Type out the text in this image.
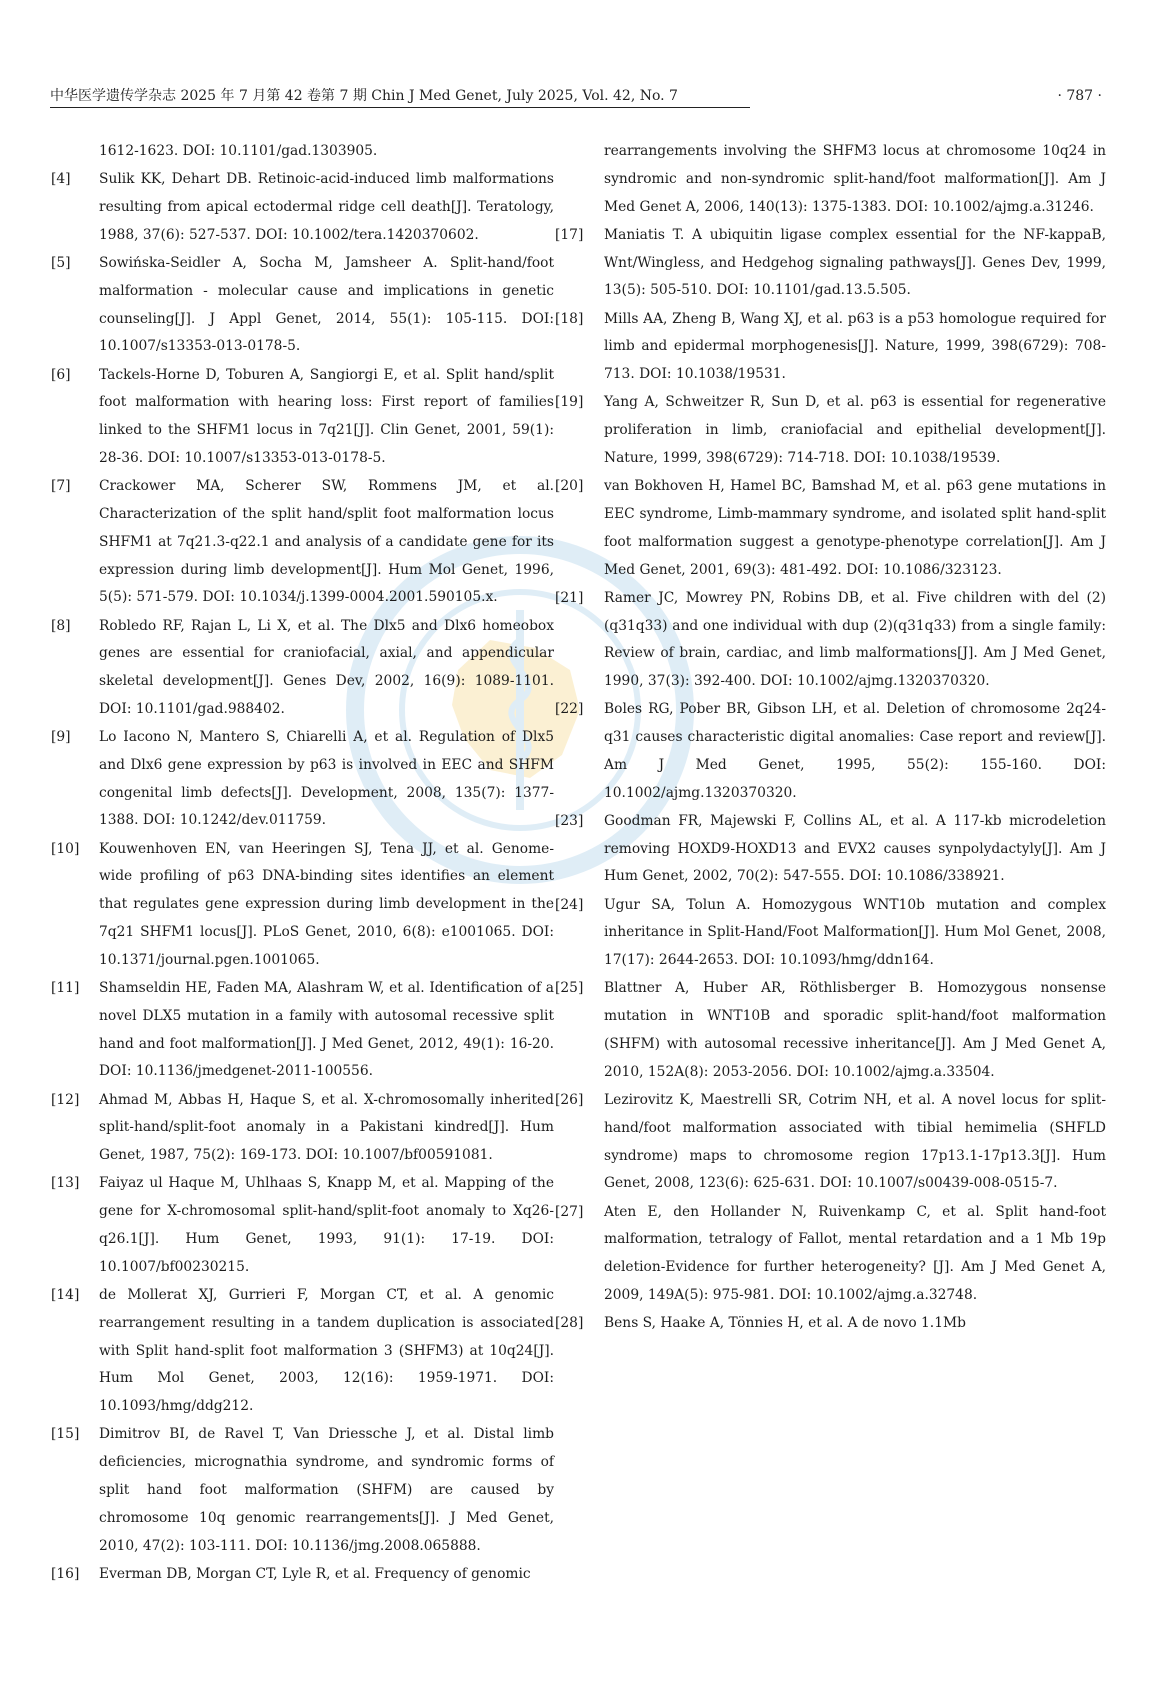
中华医学遗传学杂志 2025 年 7 月第 42 卷第 7 期 Chin J Med Genet, July 2025, Vol. 42, No. 7	· 787 ·
1612-1623. DOI: 10.1101/gad.1303905.
[4]	Sulik KK, Dehart DB. Retinoic-acid-induced limb malformations resulting from apical ectodermal ridge cell death[J]. Teratology, 1988, 37(6): 527-537. DOI: 10.1002/tera.1420370602.
[5]	Sowińska-Seidler A, Socha M, Jamsheer A. Split-hand/foot malformation - molecular cause and implications in genetic counseling[J]. J Appl Genet, 2014, 55(1): 105-115. DOI: 10.1007/s13353-013-0178-5.
[6]	Tackels-Horne D, Toburen A, Sangiorgi E, et al. Split hand/split foot malformation with hearing loss: First report of families linked to the SHFM1 locus in 7q21[J]. Clin Genet, 2001, 59(1): 28-36. DOI: 10.1007/s13353-013-0178-5.
[7]	Crackower MA, Scherer SW, Rommens JM, et al. Characterization of the split hand/split foot malformation locus SHFM1 at 7q21.3-q22.1 and analysis of a candidate gene for its expression during limb development[J]. Hum Mol Genet, 1996, 5(5): 571-579. DOI: 10.1034/j.1399-0004.2001.590105.x.
[8]	Robledo RF, Rajan L, Li X, et al. The Dlx5 and Dlx6 homeobox genes are essential for craniofacial, axial, and appendicular skeletal development[J]. Genes Dev, 2002, 16(9): 1089-1101. DOI: 10.1101/gad.988402.
[9]	Lo Iacono N, Mantero S, Chiarelli A, et al. Regulation of Dlx5 and Dlx6 gene expression by p63 is involved in EEC and SHFM congenital limb defects[J]. Development, 2008, 135(7): 1377-1388. DOI: 10.1242/dev.011759.
[10]	Kouwenhoven EN, van Heeringen SJ, Tena JJ, et al. Genome-wide profiling of p63 DNA-binding sites identifies an element that regulates gene expression during limb development in the 7q21 SHFM1 locus[J]. PLoS Genet, 2010, 6(8): e1001065. DOI: 10.1371/journal.pgen.1001065.
[11]	Shamseldin HE, Faden MA, Alashram W, et al. Identification of a novel DLX5 mutation in a family with autosomal recessive split hand and foot malformation[J]. J Med Genet, 2012, 49(1): 16-20. DOI: 10.1136/jmedgenet-2011-100556.
[12]	Ahmad M, Abbas H, Haque S, et al. X-chromosomally inherited split-hand/split-foot anomaly in a Pakistani kindred[J]. Hum Genet, 1987, 75(2): 169-173. DOI: 10.1007/bf00591081.
[13]	Faiyaz ul Haque M, Uhlhaas S, Knapp M, et al. Mapping of the gene for X-chromosomal split-hand/split-foot anomaly to Xq26-q26.1[J]. Hum Genet, 1993, 91(1): 17-19. DOI: 10.1007/bf00230215.
[14]	de Mollerat XJ, Gurrieri F, Morgan CT, et al. A genomic rearrangement resulting in a tandem duplication is associated with Split hand-split foot malformation 3 (SHFM3) at 10q24[J]. Hum Mol Genet, 2003, 12(16): 1959-1971. DOI: 10.1093/hmg/ddg212.
[15]	Dimitrov BI, de Ravel T, Van Driessche J, et al. Distal limb deficiencies, micrognathia syndrome, and syndromic forms of split hand foot malformation (SHFM) are caused by chromosome 10q genomic rearrangements[J]. J Med Genet, 2010, 47(2): 103-111. DOI: 10.1136/jmg.2008.065888.
[16]	Everman DB, Morgan CT, Lyle R, et al. Frequency of genomic
rearrangements involving the SHFM3 locus at chromosome 10q24 in syndromic and non-syndromic split-hand/foot malformation[J]. Am J Med Genet A, 2006, 140(13): 1375-1383. DOI: 10.1002/ajmg.a.31246.
[17]	Maniatis T. A ubiquitin ligase complex essential for the NF-kappaB, Wnt/Wingless, and Hedgehog signaling pathways[J]. Genes Dev, 1999, 13(5): 505-510. DOI: 10.1101/gad.13.5.505.
[18]	Mills AA, Zheng B, Wang XJ, et al. p63 is a p53 homologue required for limb and epidermal morphogenesis[J]. Nature, 1999, 398(6729): 708-713. DOI: 10.1038/19531.
[19]	Yang A, Schweitzer R, Sun D, et al. p63 is essential for regenerative proliferation in limb, craniofacial and epithelial development[J]. Nature, 1999, 398(6729): 714-718. DOI: 10.1038/19539.
[20]	van Bokhoven H, Hamel BC, Bamshad M, et al. p63 gene mutations in EEC syndrome, Limb-mammary syndrome, and isolated split hand-split foot malformation suggest a genotype-phenotype correlation[J]. Am J Med Genet, 2001, 69(3): 481-492. DOI: 10.1086/323123.
[21]	Ramer JC, Mowrey PN, Robins DB, et al. Five children with del (2)(q31q33) and one individual with dup (2)(q31q33) from a single family: Review of brain, cardiac, and limb malformations[J]. Am J Med Genet, 1990, 37(3): 392-400. DOI: 10.1002/ajmg.1320370320.
[22]	Boles RG, Pober BR, Gibson LH, et al. Deletion of chromosome 2q24-q31 causes characteristic digital anomalies: Case report and review[J]. Am J Med Genet, 1995, 55(2): 155-160. DOI: 10.1002/ajmg.1320370320.
[23]	Goodman FR, Majewski F, Collins AL, et al. A 117-kb microdeletion removing HOXD9-HOXD13 and EVX2 causes synpolydactyly[J]. Am J Hum Genet, 2002, 70(2): 547-555. DOI: 10.1086/338921.
[24]	Ugur SA, Tolun A. Homozygous WNT10b mutation and complex inheritance in Split-Hand/Foot Malformation[J]. Hum Mol Genet, 2008, 17(17): 2644-2653. DOI: 10.1093/hmg/ddn164.
[25]	Blattner A, Huber AR, Röthlisberger B. Homozygous nonsense mutation in WNT10B and sporadic split-hand/foot malformation (SHFM) with autosomal recessive inheritance[J]. Am J Med Genet A, 2010, 152A(8): 2053-2056. DOI: 10.1002/ajmg.a.33504.
[26]	Lezirovitz K, Maestrelli SR, Cotrim NH, et al. A novel locus for split-hand/foot malformation associated with tibial hemimelia (SHFLD syndrome) maps to chromosome region 17p13.1-17p13.3[J]. Hum Genet, 2008, 123(6): 625-631. DOI: 10.1007/s00439-008-0515-7.
[27]	Aten E, den Hollander N, Ruivenkamp C, et al. Split hand-foot malformation, tetralogy of Fallot, mental retardation and a 1 Mb 19p deletion-Evidence for further heterogeneity? [J]. Am J Med Genet A, 2009, 149A(5): 975-981. DOI: 10.1002/ajmg.a.32748.
[28]	Bens S, Haake A, Tönnies H, et al. A de novo 1.1Mb
